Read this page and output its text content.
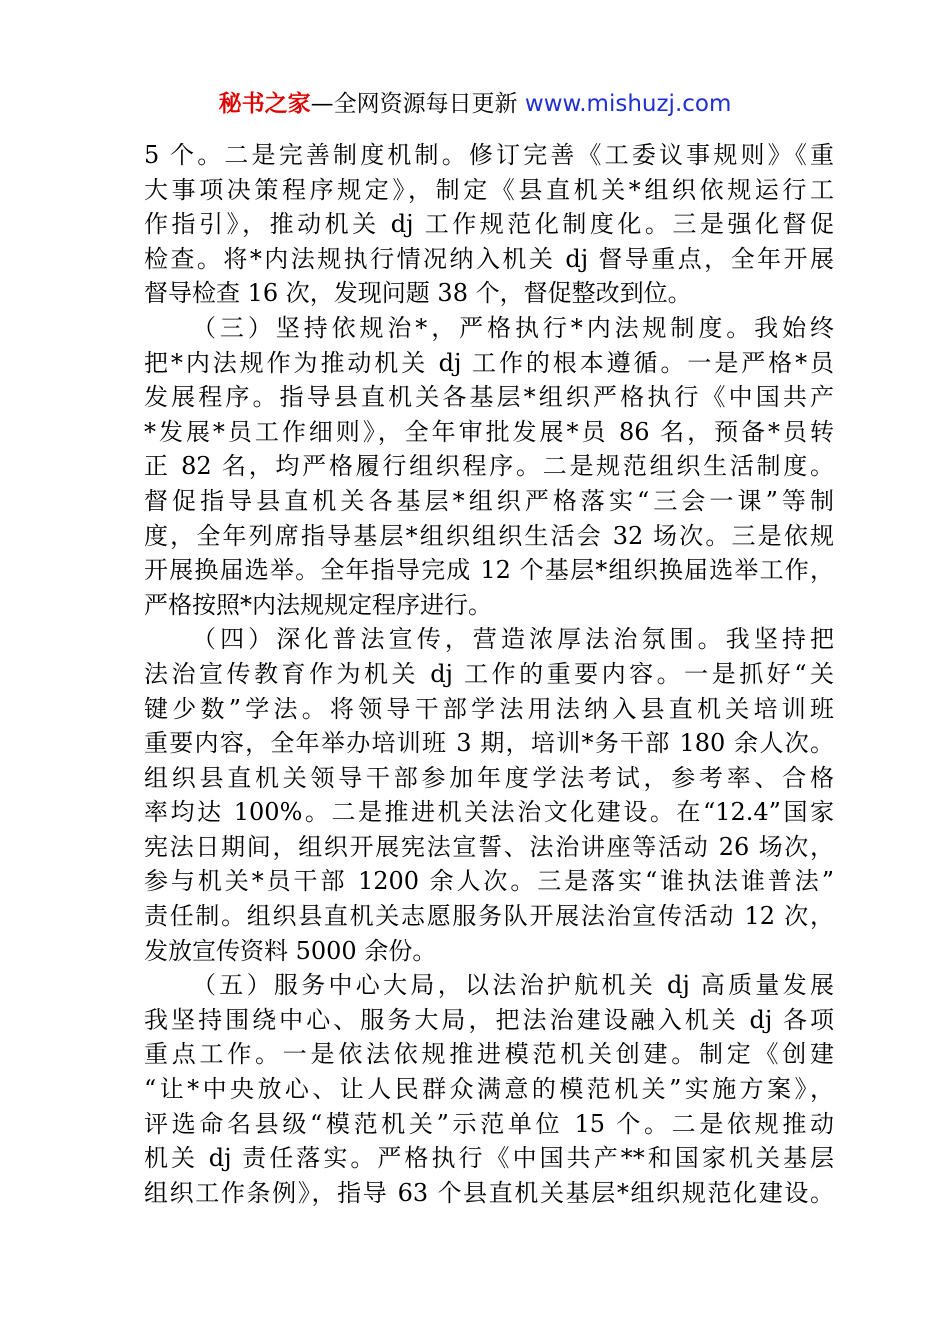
秘书之家—全网资源每日更新 www.mishuzj.com
5 个。二是完善制度机制。修订完善《工委议事规则》《重
大事项决策程序规定》，制定《县直机关*组织依规运行工
作指引》，推动机关 dj 工作规范化制度化。三是强化督促
检查。将*内法规执行情况纳入机关 dj 督导重点，全年开展
督导检查 16 次，发现问题 38 个，督促整改到位。
（三）坚持依规治*，严格执行*内法规制度。我始终
把*内法规作为推动机关 dj 工作的根本遵循。一是严格*员
发展程序。指导县直机关各基层*组织严格执行《中国共产
*发展*员工作细则》，全年审批发展*员 86 名，预备*员转
正 82 名，均严格履行组织程序。二是规范组织生活制度。
督促指导县直机关各基层*组织严格落实“三会一课”等制
度，全年列席指导基层*组织组织生活会 32 场次。三是依规
开展换届选举。全年指导完成 12 个基层*组织换届选举工作，
严格按照*内法规规定程序进行。
（四）深化普法宣传，营造浓厚法治氛围。我坚持把
法治宣传教育作为机关 dj 工作的重要内容。一是抓好“关
键少数”学法。将领导干部学法用法纳入县直机关培训班
重要内容，全年举办培训班 3 期，培训*务干部 180 余人次。
组织县直机关领导干部参加年度学法考试，参考率、合格
率均达 100%。二是推进机关法治文化建设。在“12.4”国家
宪法日期间，组织开展宪法宣誓、法治讲座等活动 26 场次，
参与机关*员干部 1200 余人次。三是落实“谁执法谁普法”
责任制。组织县直机关志愿服务队开展法治宣传活动 12 次，
发放宣传资料 5000 余份。
（五）服务中心大局，以法治护航机关 dj 高质量发展
我坚持围绕中心、服务大局，把法治建设融入机关 dj 各项
重点工作。一是依法依规推进模范机关创建。制定《创建
“让*中央放心、让人民群众满意的模范机关”实施方案》，
评选命名县级“模范机关”示范单位 15 个。二是依规推动
机关 dj 责任落实。严格执行《中国共产**和国家机关基层
组织工作条例》，指导 63 个县直机关基层*组织规范化建设。
